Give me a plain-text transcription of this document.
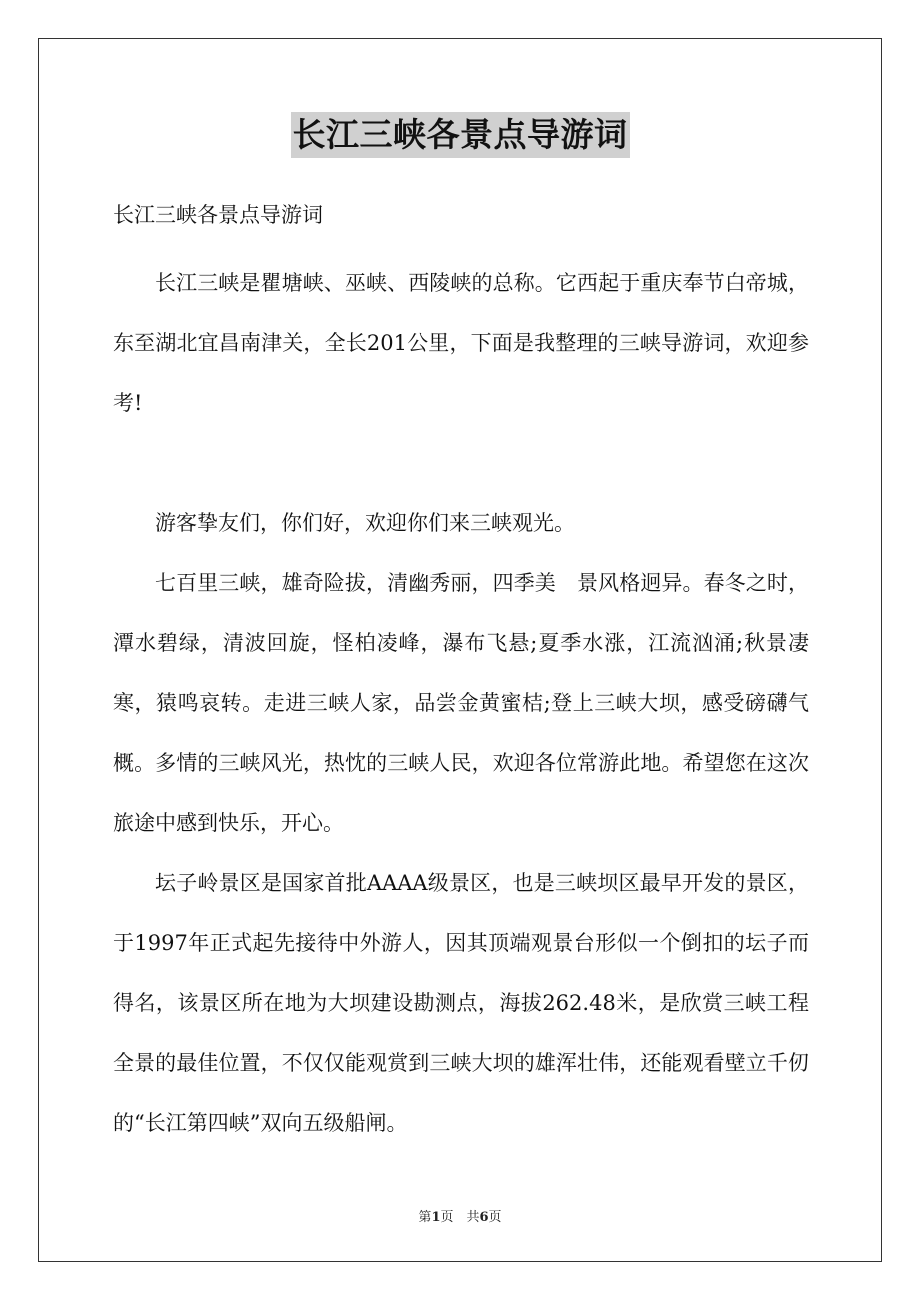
长江三峡各景点导游词

长江三峡各景点导游词

长江三峡是瞿塘峡、巫峡、西陵峡的总称。它西起于重庆奉节白帝城，东至湖北宜昌南津关，全长201公里，下面是我整理的三峡导游词，欢迎参考!

游客挚友们，你们好，欢迎你们来三峡观光。

七百里三峡，雄奇险拔，清幽秀丽，四季美　景风格迥异。春冬之时，潭水碧绿，清波回旋，怪柏凌峰，瀑布飞悬;夏季水涨，江流汹涌;秋景凄寒，猿鸣哀转。走进三峡人家，品尝金黄蜜桔;登上三峡大坝，感受磅礴气概。多情的三峡风光，热忱的三峡人民，欢迎各位常游此地。希望您在这次旅途中感到快乐，开心。

坛子岭景区是国家首批AAAA级景区，也是三峡坝区最早开发的景区，于1997年正式起先接待中外游人，因其顶端观景台形似一个倒扣的坛子而得名，该景区所在地为大坝建设勘测点，海拔262.48米，是欣赏三峡工程全景的最佳位置，不仅仅能观赏到三峡大坝的雄浑壮伟，还能观看壁立千仞的“长江第四峡”双向五级船闸。

第1页　共6页
